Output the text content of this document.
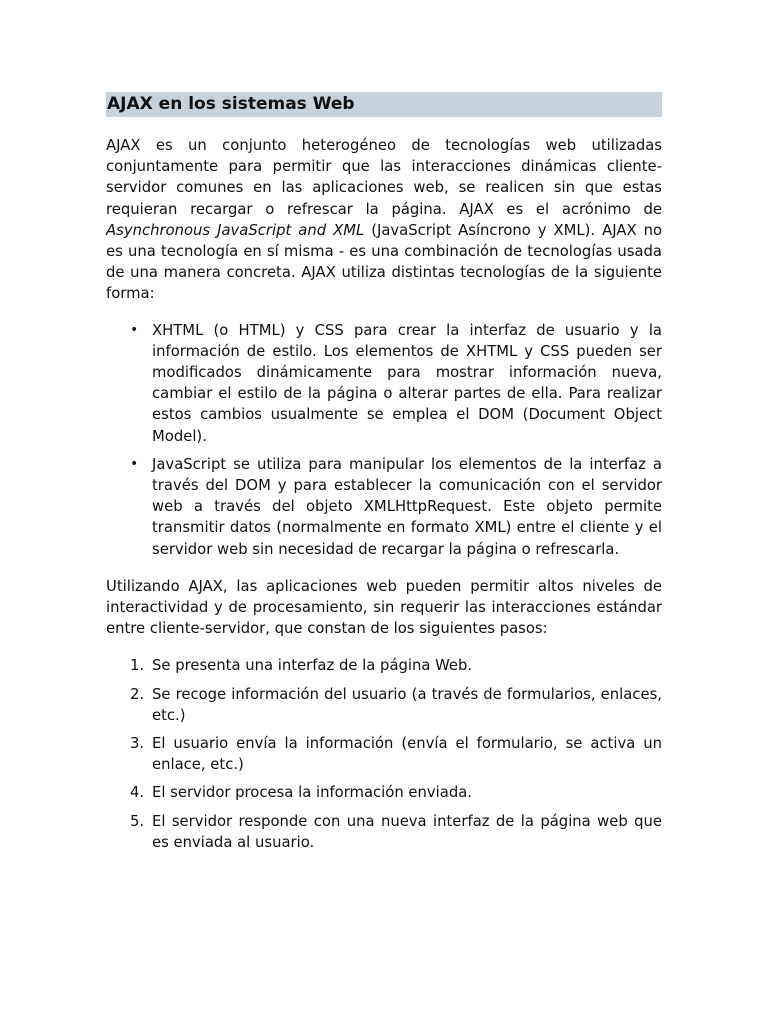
AJAX en los sistemas Web

AJAX es un conjunto heterogéneo de tecnologías web utilizadas conjuntamente para permitir que las interacciones dinámicas cliente-servidor comunes en las aplicaciones web, se realicen sin que estas requieran recargar o refrescar la página. AJAX es el acrónimo de Asynchronous JavaScript and XML (JavaScript Asíncrono y XML). AJAX no es una tecnología en sí misma - es una combinación de tecnologías usada de una manera concreta. AJAX utiliza distintas tecnologías de la siguiente forma:

• XHTML (o HTML) y CSS para crear la interfaz de usuario y la información de estilo. Los elementos de XHTML y CSS pueden ser modificados dinámicamente para mostrar información nueva, cambiar el estilo de la página o alterar partes de ella. Para realizar estos cambios usualmente se emplea el DOM (Document Object Model).
• JavaScript se utiliza para manipular los elementos de la interfaz a través del DOM y para establecer la comunicación con el servidor web a través del objeto XMLHttpRequest. Este objeto permite transmitir datos (normalmente en formato XML) entre el cliente y el servidor web sin necesidad de recargar la página o refrescarla.

Utilizando AJAX, las aplicaciones web pueden permitir altos niveles de interactividad y de procesamiento, sin requerir las interacciones estándar entre cliente-servidor, que constan de los siguientes pasos:

1. Se presenta una interfaz de la página Web.
2. Se recoge información del usuario (a través de formularios, enlaces, etc.)
3. El usuario envía la información (envía el formulario, se activa un enlace, etc.)
4. El servidor procesa la información enviada.
5. El servidor responde con una nueva interfaz de la página web que es enviada al usuario.
